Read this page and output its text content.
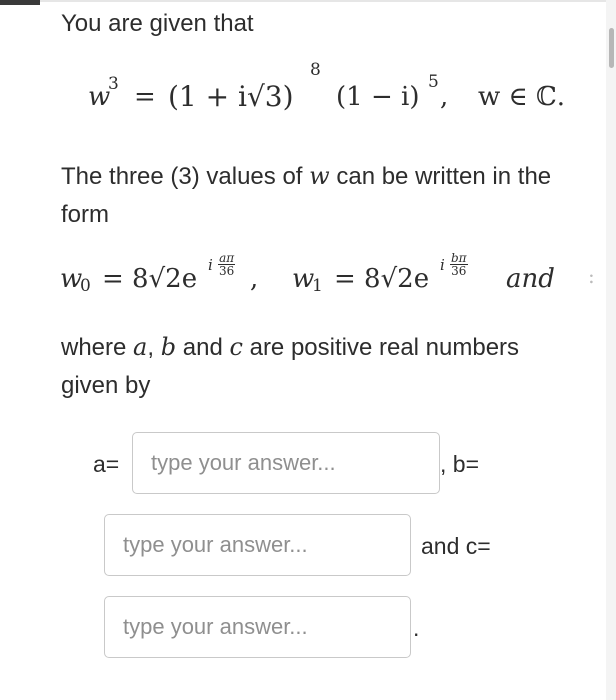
You are given that

w
3 = (1 + i√3)
8
(1 − i) 5 , w ∈ ℂ.

The three (3) values of w can be written in the
form

w
0 = 8√2e i $\frac{a\pi}{36}$ , w
1 = 8√2e i $\frac{b\pi}{36}$ and :

where a, b and c are positive real numbers
given by

a=
type your answer...	, b=
type your answer...
and c=
type your answer...
.
